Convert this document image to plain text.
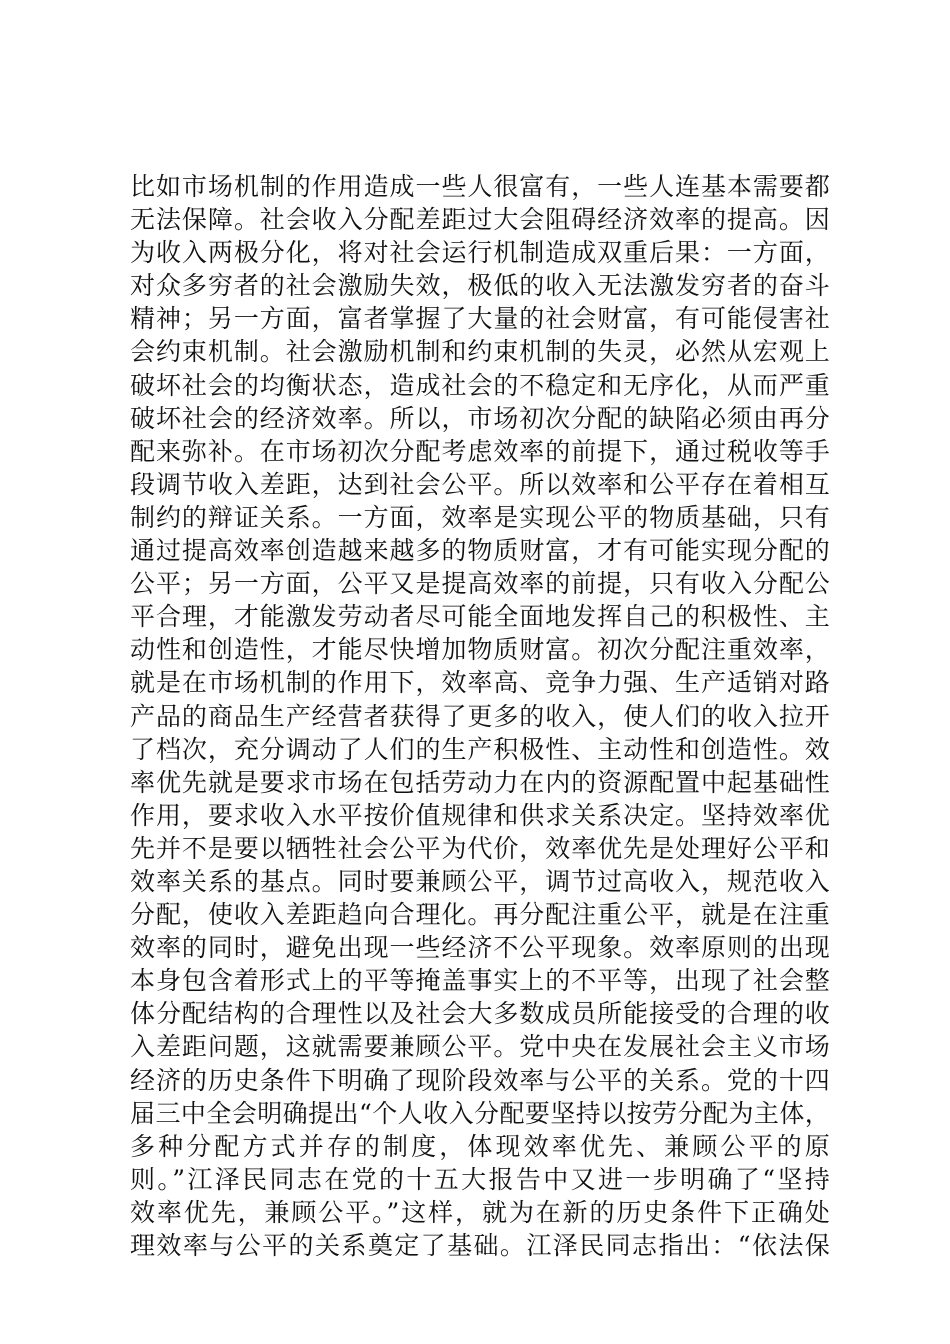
比如市场机制的作用造成一些人很富有，一些人连基本需要都
无法保障。社会收入分配差距过大会阻碍经济效率的提高。因
为收入两极分化，将对社会运行机制造成双重后果：一方面，
对众多穷者的社会激励失效，极低的收入无法激发穷者的奋斗
精神；另一方面，富者掌握了大量的社会财富，有可能侵害社
会约束机制。社会激励机制和约束机制的失灵，必然从宏观上
破坏社会的均衡状态，造成社会的不稳定和无序化，从而严重
破坏社会的经济效率。所以，市场初次分配的缺陷必须由再分
配来弥补。在市场初次分配考虑效率的前提下，通过税收等手
段调节收入差距，达到社会公平。所以效率和公平存在着相互
制约的辩证关系。一方面，效率是实现公平的物质基础，只有
通过提高效率创造越来越多的物质财富，才有可能实现分配的
公平；另一方面，公平又是提高效率的前提，只有收入分配公
平合理，才能激发劳动者尽可能全面地发挥自己的积极性、主
动性和创造性，才能尽快增加物质财富。初次分配注重效率，
就是在市场机制的作用下，效率高、竞争力强、生产适销对路
产品的商品生产经营者获得了更多的收入，使人们的收入拉开
了档次，充分调动了人们的生产积极性、主动性和创造性。效
率优先就是要求市场在包括劳动力在内的资源配置中起基础性
作用，要求收入水平按价值规律和供求关系决定。坚持效率优
先并不是要以牺牲社会公平为代价，效率优先是处理好公平和
效率关系的基点。同时要兼顾公平，调节过高收入，规范收入
分配，使收入差距趋向合理化。再分配注重公平，就是在注重
效率的同时，避免出现一些经济不公平现象。效率原则的出现
本身包含着形式上的平等掩盖事实上的不平等，出现了社会整
体分配结构的合理性以及社会大多数成员所能接受的合理的收
入差距问题，这就需要兼顾公平。党中央在发展社会主义市场
经济的历史条件下明确了现阶段效率与公平的关系。党的十四
届三中全会明确提出“个人收入分配要坚持以按劳分配为主体，
多种分配方式并存的制度，体现效率优先、兼顾公平的原
则。”江泽民同志在党的十五大报告中又进一步明确了“坚持
效率优先，兼顾公平。”这样，就为在新的历史条件下正确处
理效率与公平的关系奠定了基础。江泽民同志指出：“依法保
